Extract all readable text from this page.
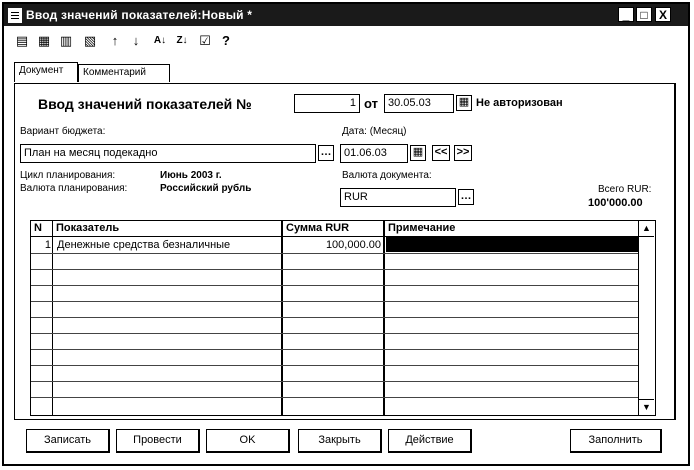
Ввод значений показателей:Новый *	_ □ X
▤ ▦ ▥ ▧	↑	↓	A↓ Z↓ ☑ ?
Документ	Комментарий
Ввод значений показателей №	1 от 30.05.03	▦ Не авторизован
Вариант бюджета:
План на месяц подекадно	…
Дата: (Месяц)
01.06.03	▦ << >>
Цикл планирования:	Июнь 2003 г.
Валюта планирования:	Российский рубль
Валюта документа:
RUR	…
Всего RUR:
100'000.00
N	Показатель	Сумма RUR	Примечание
1 Денежные средства безналичные	100,000.00
▲
▼
Записать	Провести	OK	Закрыть	Действие	Заполнить
